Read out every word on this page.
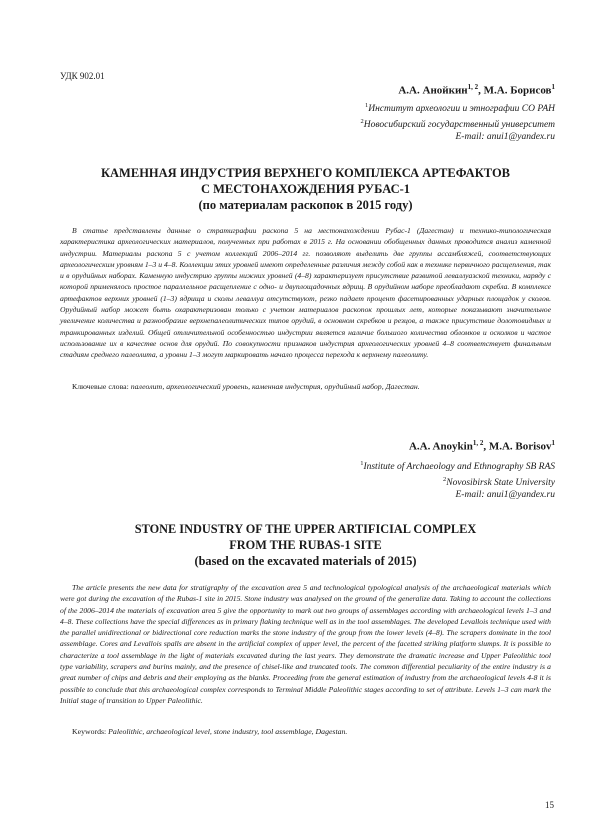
УДК 902.01
А.А. Анойкин$^{1, 2}$, М.А. Борисов$^1$
$^1$Институт археологии и этнографии СО РАН
$^2$Новосибирский государственный университет
E-mail: anui1@yandex.ru
КАМЕННАЯ ИНДУСТРИЯ ВЕРХНЕГО КОМПЛЕКСА АРТЕФАКТОВ
С МЕСТОНАХОЖДЕНИЯ РУБАС-1
(по материалам раскопок в 2015 году)
В статье представлены данные о стратиграфии раскопа 5 на местонахождении Рубас-1 (Дагестан) и технико-типологическая характеристика археологических материалов, полученных при работах в 2015 г. На основании обобщенных данных проводится анализ каменной индустрии. Материалы раскопа 5 с учетом коллекций 2006–2014 гг. позволяют выделить две группы ассамбляжей, соответствующих археологическим уровням 1–3 и 4–8. Коллекции этих уровней имеют определенные различия между собой как в технике первичного расщепления, так и в орудийных наборах. Каменную индустрию группы нижних уровней (4–8) характеризует присутствие развитой леваллуазской техники, наряду с которой применялось простое параллельное расщепление с одно- и двуплощадочных ядрищ. В орудийном наборе преобладают скребла. В комплексе артефактов верхних уровней (1–3) ядрища и сколы леваллуа отсутствуют, резко падает процент фасетированных ударных площадок у сколов. Орудийный набор может быть охарактеризован только с учетом материалов раскопок прошлых лет, которые показывают значительное увеличение количества и разнообразие верхнепалеолитических типов орудий, в основном скребков и резцов, а также присутствие долотовидных и транкированных изделий. Общей отличительной особенностью индустрии является наличие большого количества обломков и осколков и частое использование их в качестве основ для орудий. По совокупности признаков индустрия археологических уровней 4–8 соответствует финальным стадиям среднего палеолита, а уровни 1–3 могут маркировать начало процесса перехода к верхнему палеолиту.
Ключевые слова: палеолит, археологический уровень, каменная индустрия, орудийный набор, Дагестан.
A.A. Anoykin$^{1, 2}$, M.A. Borisov$^1$
$^1$Institute of Archaeology and Ethnography SB RAS
$^2$Novosibirsk State University
E-mail: anui1@yandex.ru
STONE INDUSTRY OF THE UPPER ARTIFICIAL COMPLEX
FROM THE RUBAS-1 SITE
(based on the excavated materials of 2015)
The article presents the new data for stratigraphy of the excavation area 5 and technological typological analysis of the archaeological materials which were got during the excavation of the Rubas-1 site in 2015. Stone industry was analysed on the ground of the generalize data. Taking to account the collections of the 2006–2014 the materials of excavation area 5 give the opportunity to mark out two groups of assemblages according with archaeological levels 1–3 and 4–8. These collections have the special differences as in primary flaking technique well as in the tool assemblages. The developed Levallois technique used with the parallel unidirectional or bidirectional core reduction marks the stone industry of the group from the lower levels (4–8). The scrapers dominate in the tool assemblage. Cores and Levallois spalls are absent in the artificial complex of upper level, the percent of the facetted striking platform slumps. It is possible to characterize a tool assemblage in the light of materials excavated during the last years. They demonstrate the dramatic increase and Upper Paleolithic tool type variability, scrapers and burins mainly, and the presence of chisel-like and truncated tools. The common differential peculiarity of the entire industry is a great number of chips and debris and their employing as the blanks. Proceeding from the general estimation of industry from the archaeological levels 4-8 it is possible to conclude that this archaeological complex corresponds to Terminal Middle Paleolithic stages according to set of attribute. Levels 1–3 can mark the Initial stage of transition to Upper Paleolithic.
Keywords: Paleolithic, archaeological level, stone industry, tool assemblage, Dagestan.
15
